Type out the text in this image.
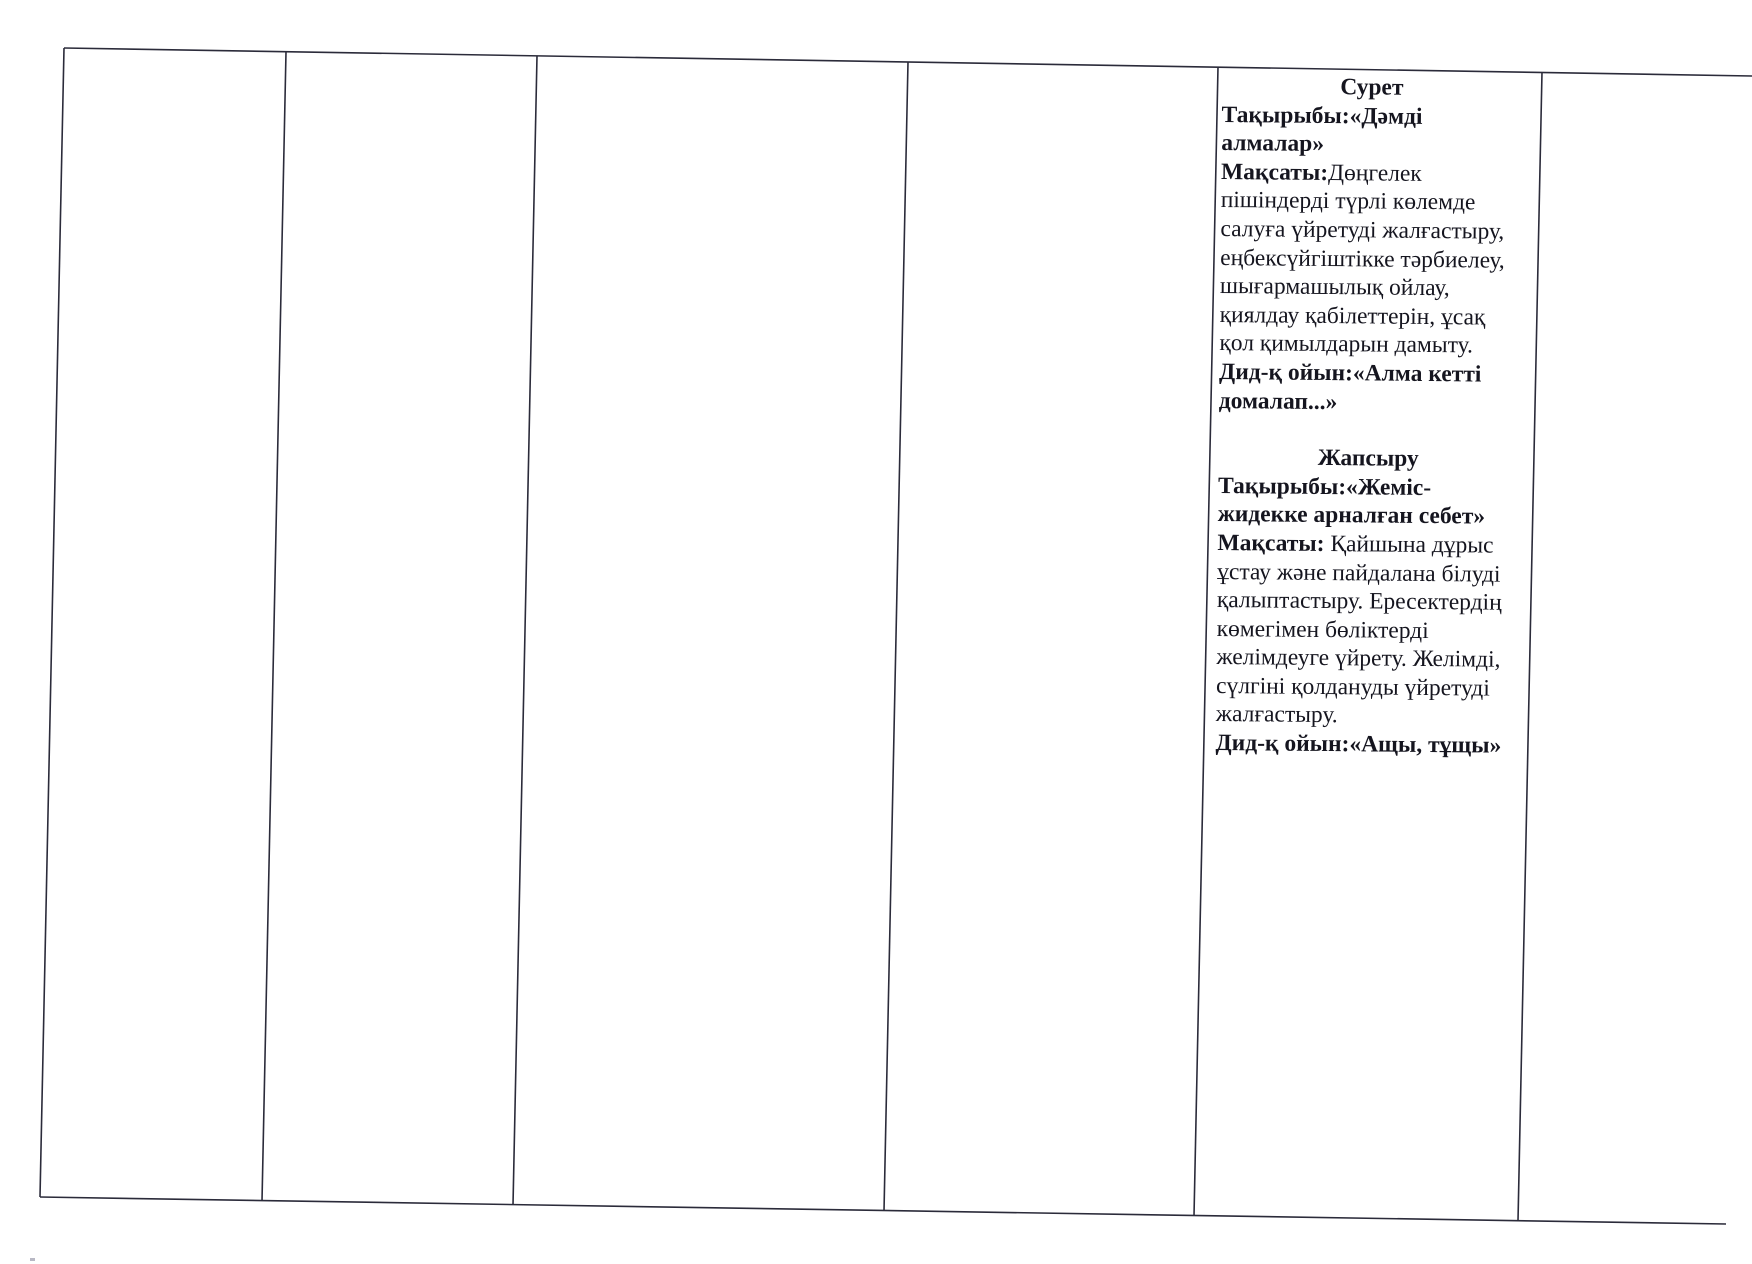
Сурет

Тақырыбы:«Дәмді алмалар»

Мақсаты:Дөңгелек пішіндерді түрлі көлемде салуға үйретуді жалғастыру, еңбексүйгіштікке тәрбиелеу, шығармашылық ойлау, қиялдау қабілеттерін, ұсақ қол қимылдарын дамыту.

Дид-қ ойын:«Алма кетті домалап...»

Жапсыру

Тақырыбы:«Жеміс-жидекке арналған себет»

Мақсаты: Қайшына дұрыс ұстау және пайдалана білуді қалыптастыру. Ересектердің көмегімен бөліктерді желімдеуге үйрету. Желімді, сүлгіні қолдануды үйретуді жалғастыру.

Дид-қ ойын:«Ащы, тұщы»
